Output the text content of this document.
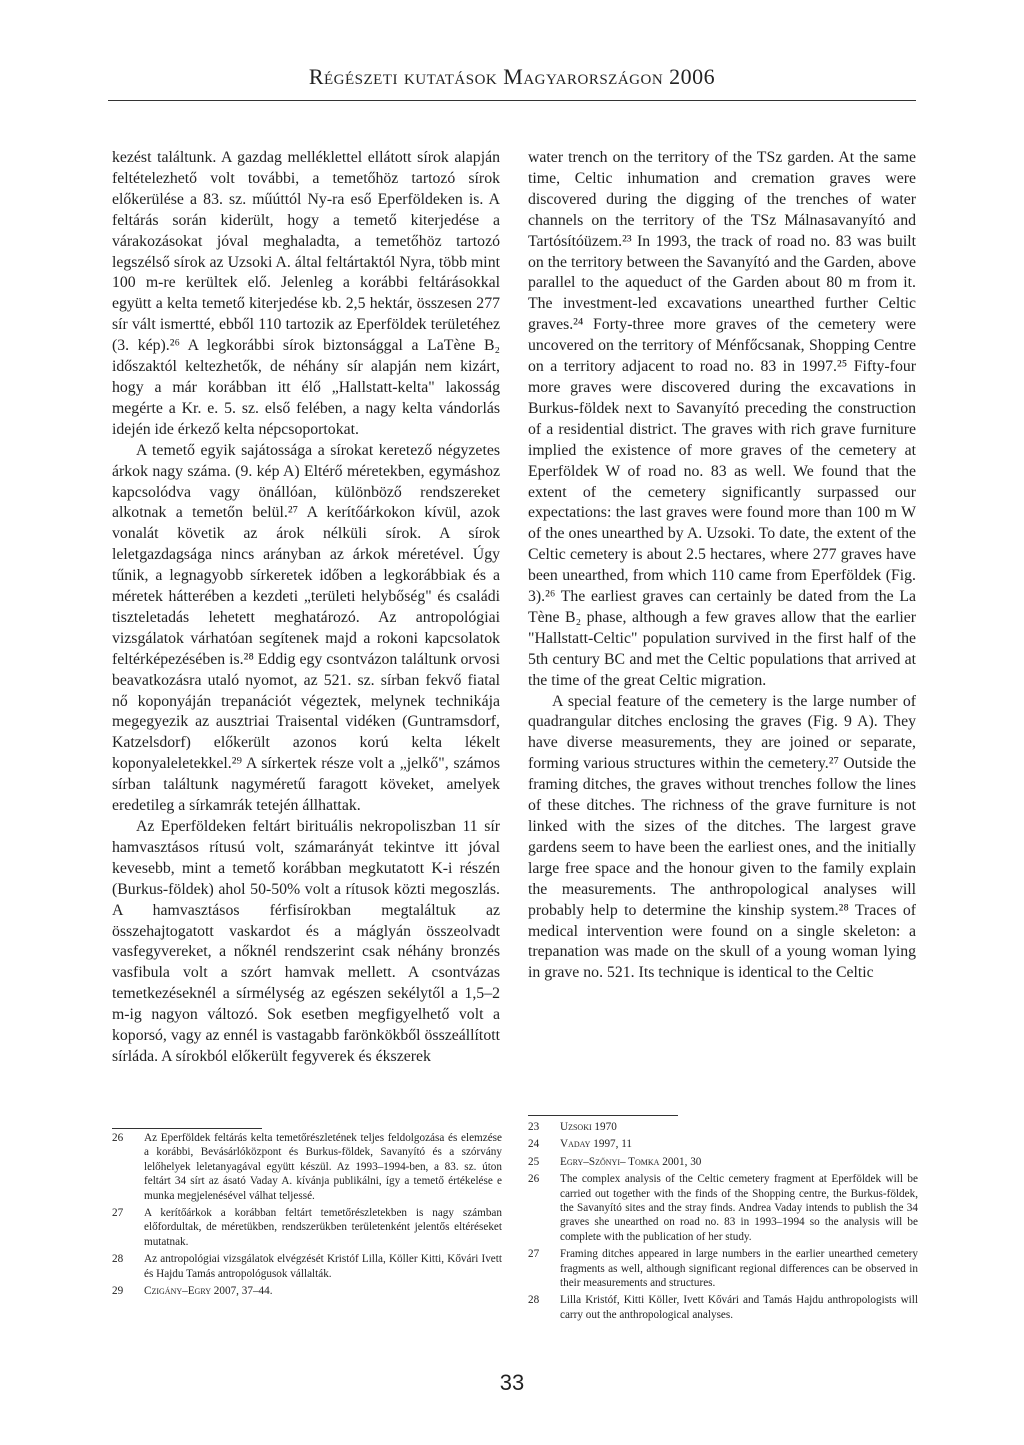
Régészeti kutatások Magyarországon 2006

kezést találtunk. A gazdag melléklettel ellátott sírok alapján feltételezhető volt további, a temetőhöz tartozó sírok előkerülése a 83. sz. műúttól Ny-ra eső Eperföldeken is. A feltárás során kiderült, hogy a temető kiterjedése a várakozásokat jóval meghaladta, a temetőhöz tartozó legszélső sírok az Uzsoki A. által feltártaktól Nyra, több mint 100 m-re kerültek elő. Jelenleg a korábbi feltárásokkal együtt a kelta temető kiterjedése kb. 2,5 hektár, összesen 277 sír vált ismertté, ebből 110 tartozik az Eperföldek területéhez (3. kép).²⁶ A legkorábbi sírok biztonsággal a LaTène B₂ időszaktól keltezhetők, de néhány sír alapján nem kizárt, hogy a már korábban itt élő „Hallstatt-kelta" lakosság megérte a Kr. e. 5. sz. első felében, a nagy kelta vándorlás idején ide érkező kelta népcsoportokat.

A temető egyik sajátossága a sírokat keretező négyzetes árkok nagy száma. (9. kép A) Eltérő méretekben, egymáshoz kapcsolódva vagy önállóan, különböző rendszereket alkotnak a temetőn belül.²⁷ A kerítőárkokon kívül, azok vonalát követik az árok nélküli sírok. A sírok leletgazdagsága nincs arányban az árkok méretével. Úgy tűnik, a legnagyobb sírkeretek időben a legkorábbiak és a méretek hátterében a kezdeti „területi helybőség" és családi tiszteletadás lehetett meghatározó. Az antropológiai vizsgálatok várhatóan segítenek majd a rokoni kapcsolatok feltérképezésében is.²⁸ Eddig egy csontvázon találtunk orvosi beavatkozásra utaló nyomot, az 521. sz. sírban fekvő fiatal nő koponyáján trepanációt végeztek, melynek technikája megegyezik az ausztriai Traisental vidéken (Guntramsdorf, Katzelsdorf) előkerült azonos korú kelta lékelt koponyaleletekkel.²⁹ A sírkertek része volt a „jelkő", számos sírban találtunk nagyméretű faragott köveket, amelyek eredetileg a sírkamrák tetején állhattak.

Az Eperföldeken feltárt birituális nekropoliszban 11 sír hamvasztásos rítusú volt, számarányát tekintve itt jóval kevesebb, mint a temető korábban megkutatott K-i részén (Burkus-földek) ahol 50-50% volt a rítusok közti megoszlás. A hamvasztásos férfisírokban megtaláltuk az összehajtogatott vaskardot és a máglyán összeolvadt vasfegyvereket, a nőknél rendszerint csak néhány bronzés vasfibula volt a szórt hamvak mellett. A csontvázas temetkezéseknél a sírmélység az egészen sekélytől a 1,5–2 m-ig nagyon változó. Sok esetben megfigyelhető volt a koporsó, vagy az ennél is vastagabb farönkökből összeállított sírláda. A sírokból előkerült fegyverek és ékszerek

water trench on the territory of the TSz garden. At the same time, Celtic inhumation and cremation graves were discovered during the digging of the trenches of water channels on the territory of the TSz Málnasavanyító and Tartósítóüzem.²³ In 1993, the track of road no. 83 was built on the territory between the Savanyító and the Garden, above parallel to the aqueduct of the Garden about 80 m from it. The investment-led excavations unearthed further Celtic graves.²⁴ Forty-three more graves of the cemetery were uncovered on the territory of Ménfőcsanak, Shopping Centre on a territory adjacent to road no. 83 in 1997.²⁵ Fifty-four more graves were discovered during the excavations in Burkus-földek next to Savanyító preceding the construction of a residential district. The graves with rich grave furniture implied the existence of more graves of the cemetery at Eperföldek W of road no. 83 as well. We found that the extent of the cemetery significantly surpassed our expectations: the last graves were found more than 100 m W of the ones unearthed by A. Uzsoki. To date, the extent of the Celtic cemetery is about 2.5 hectares, where 277 graves have been unearthed, from which 110 came from Eperföldek (Fig. 3).²⁶ The earliest graves can certainly be dated from the La Tène B₂ phase, although a few graves allow that the earlier "Hallstatt-Celtic" population survived in the first half of the 5th century BC and met the Celtic populations that arrived at the time of the great Celtic migration.

A special feature of the cemetery is the large number of quadrangular ditches enclosing the graves (Fig. 9 A). They have diverse measurements, they are joined or separate, forming various structures within the cemetery.²⁷ Outside the framing ditches, the graves without trenches follow the lines of these ditches. The richness of the grave furniture is not linked with the sizes of the ditches. The largest grave gardens seem to have been the earliest ones, and the initially large free space and the honour given to the family explain the measurements. The anthropological analyses will probably help to determine the kinship system.²⁸ Traces of medical intervention were found on a single skeleton: a trepanation was made on the skull of a young woman lying in grave no. 521. Its technique is identical to the Celtic

26	Az Eperföldek feltárás kelta temetőrészletének teljes feldolgozása és elemzése a korábbi, Bevásárlóközpont és Burkus-földek, Savanyító és a szórvány lelőhelyek leletanyagával együtt készül. Az 1993–1994-ben, a 83. sz. úton feltárt 34 sírt az ásató Vaday A. kívánja publikálni, így a temető értékelése e munka megjelenésével válhat teljessé.
27	A kerítőárkok a korábban feltárt temetőrészletekben is nagy számban előfordultak, de méretükben, rendszerükben területenként jelentős eltéréseket mutatnak.
28	Az antropológiai vizsgálatok elvégzését Kristóf Lilla, Köller Kitti, Kővári Ivett és Hajdu Tamás antropológusok vállalták.
29	Czigány–Egry 2007, 37–44.
23	Uzsoki 1970
24	Vaday 1997, 11
25	Egry–Szőnyi– Tomka 2001, 30
26	The complex analysis of the Celtic cemetery fragment at Eperföldek will be carried out together with the finds of the Shopping centre, the Burkus-földek, the Savanyító sites and the stray finds. Andrea Vaday intends to publish the 34 graves she unearthed on road no. 83 in 1993–1994 so the analysis will be complete with the publication of her study.
27	Framing ditches appeared in large numbers in the earlier unearthed cemetery fragments as well, although significant regional differences can be observed in their measurements and structures.
28	Lilla Kristóf, Kitti Köller, Ivett Kővári and Tamás Hajdu anthropologists will carry out the anthropological analyses.
33
